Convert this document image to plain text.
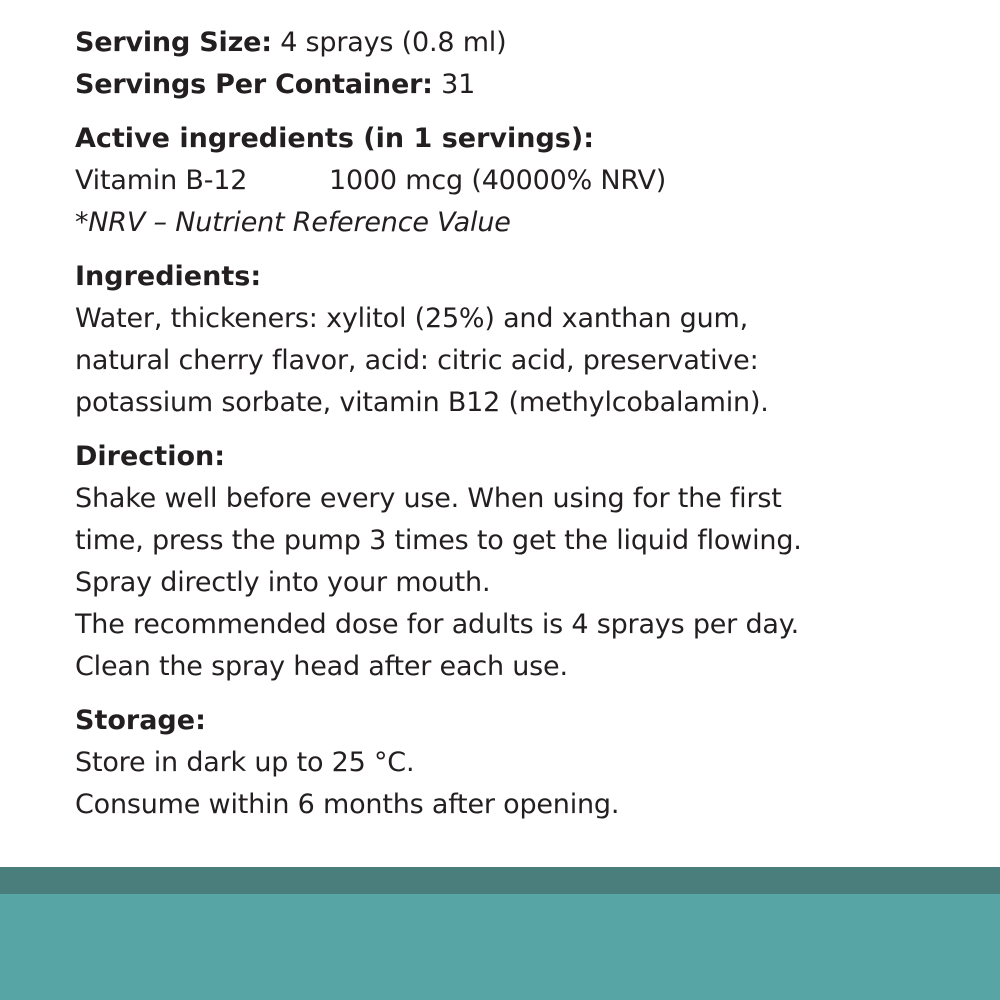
Serving Size: 4 sprays (0.8 ml)
Servings Per Container: 31
Active ingredients (in 1 servings):
Vitamin B-12	1000 mcg (40000% NRV)
*NRV – Nutrient Reference Value
Ingredients:
Water, thickeners: xylitol (25%) and xanthan gum,
natural cherry flavor, acid: citric acid, preservative:
potassium sorbate, vitamin B12 (methylcobalamin).
Direction:
Shake well before every use. When using for the first
time, press the pump 3 times to get the liquid flowing.
Spray directly into your mouth.
The recommended dose for adults is 4 sprays per day.
Clean the spray head after each use.
Storage:
Store in dark up to 25 °C.
Consume within 6 months after opening.
